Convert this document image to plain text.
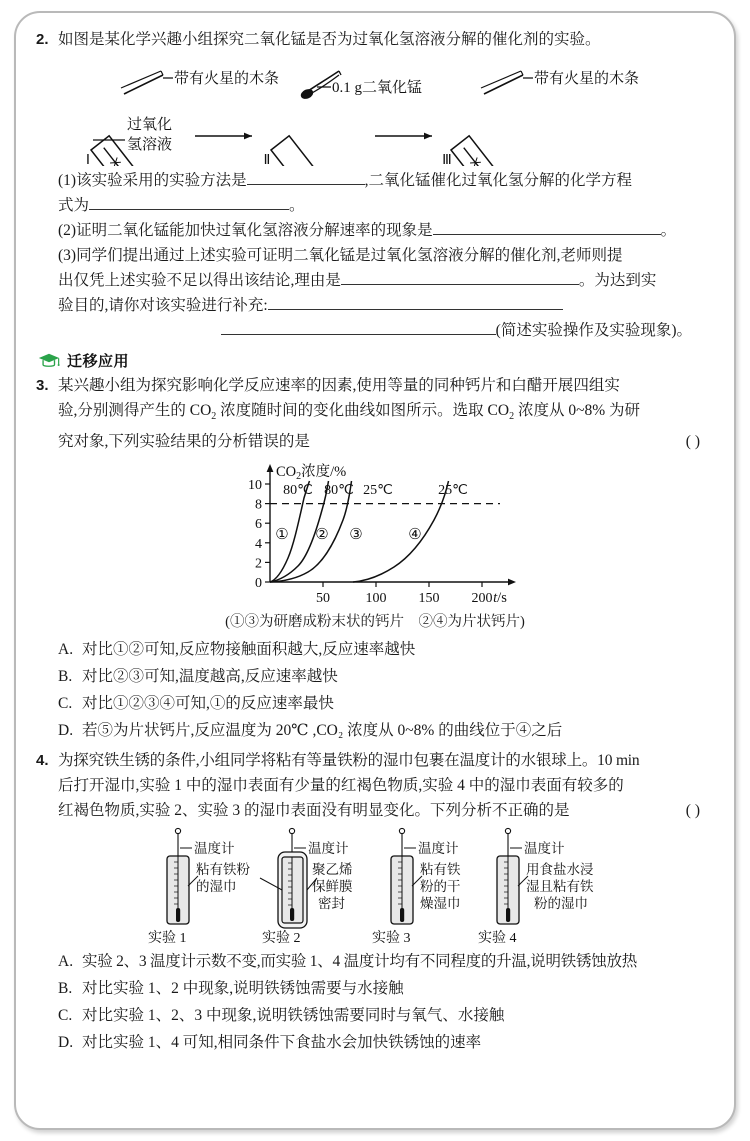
2. 如图是某化学兴趣小组探究二氧化锰是否为过氧化氢溶液分解的催化剂的实验。
带有火星的木条
过氧化
氢溶液
Ⅰ
0.1 g二氧化锰
Ⅱ
带有火星的木条
Ⅲ
(1)该实验采用的实验方法是	,二氧化锰催化过氧化氢分解的化学方程
式为	。
(2)证明二氧化锰能加快过氧化氢溶液分解速率的现象是	。
(3)同学们提出通过上述实验可证明二氧化锰是过氧化氢溶液分解的催化剂,老师则提
出仅凭上述实验不足以得出该结论,理由是	。为达到实
验目的,请你对该实验进行补充:
(简述实验操作及实验现象)。
迁移应用
3. 某兴趣小组为探究影响化学反应速率的因素,使用等量的同种钙片和白醋开展四组实
验,分别测得产生的 $CO_2$ 浓度随时间的变化曲线如图所示。选取 $CO_2$ 浓度从 0~8% 为研
究对象,下列实验结果的分析错误的是	( )
0
2
4
6
8
10
50	100 150 200
$CO_2$浓度/%
t/s
80℃ 80℃ 25℃	25℃
① ② ③	④
(①③为研磨成粉末状的钙片　②④为片状钙片)
A. 对比①②可知,反应物接触面积越大,反应速率越快
B. 对比②③可知,温度越高,反应速率越快
C. 对比①②③④可知,①的反应速率最快
D. 若⑤为片状钙片,反应温度为 20℃ ,CO₂ 浓度从 0~8% 的曲线位于④之后
4. 为探究铁生锈的条件,小组同学将粘有等量铁粉的湿巾包裹在温度计的水银球上。10 min
后打开湿巾,实验 1 中的湿巾表面有少量的红褐色物质,实验 4 中的湿巾表面有较多的
红褐色物质,实验 2、实验 3 的湿巾表面没有明显变化。下列分析不正确的是	( )
温度计
粘有铁粉
的湿巾
实验 1
温度计
聚乙烯
保鲜膜
密封
实验 2
温度计
粘有铁
粉的干
燥湿巾
实验 3
温度计
用食盐水浸
湿且粘有铁
粉的湿巾
实验 4
A. 实验 2、3 温度计示数不变,而实验 1、4 温度计均有不同程度的升温,说明铁锈蚀放热
B. 对比实验 1、2 中现象,说明铁锈蚀需要与水接触
C. 对比实验 1、2、3 中现象,说明铁锈蚀需要同时与氧气、水接触
D. 对比实验 1、4 可知,相同条件下食盐水会加快铁锈蚀的速率
